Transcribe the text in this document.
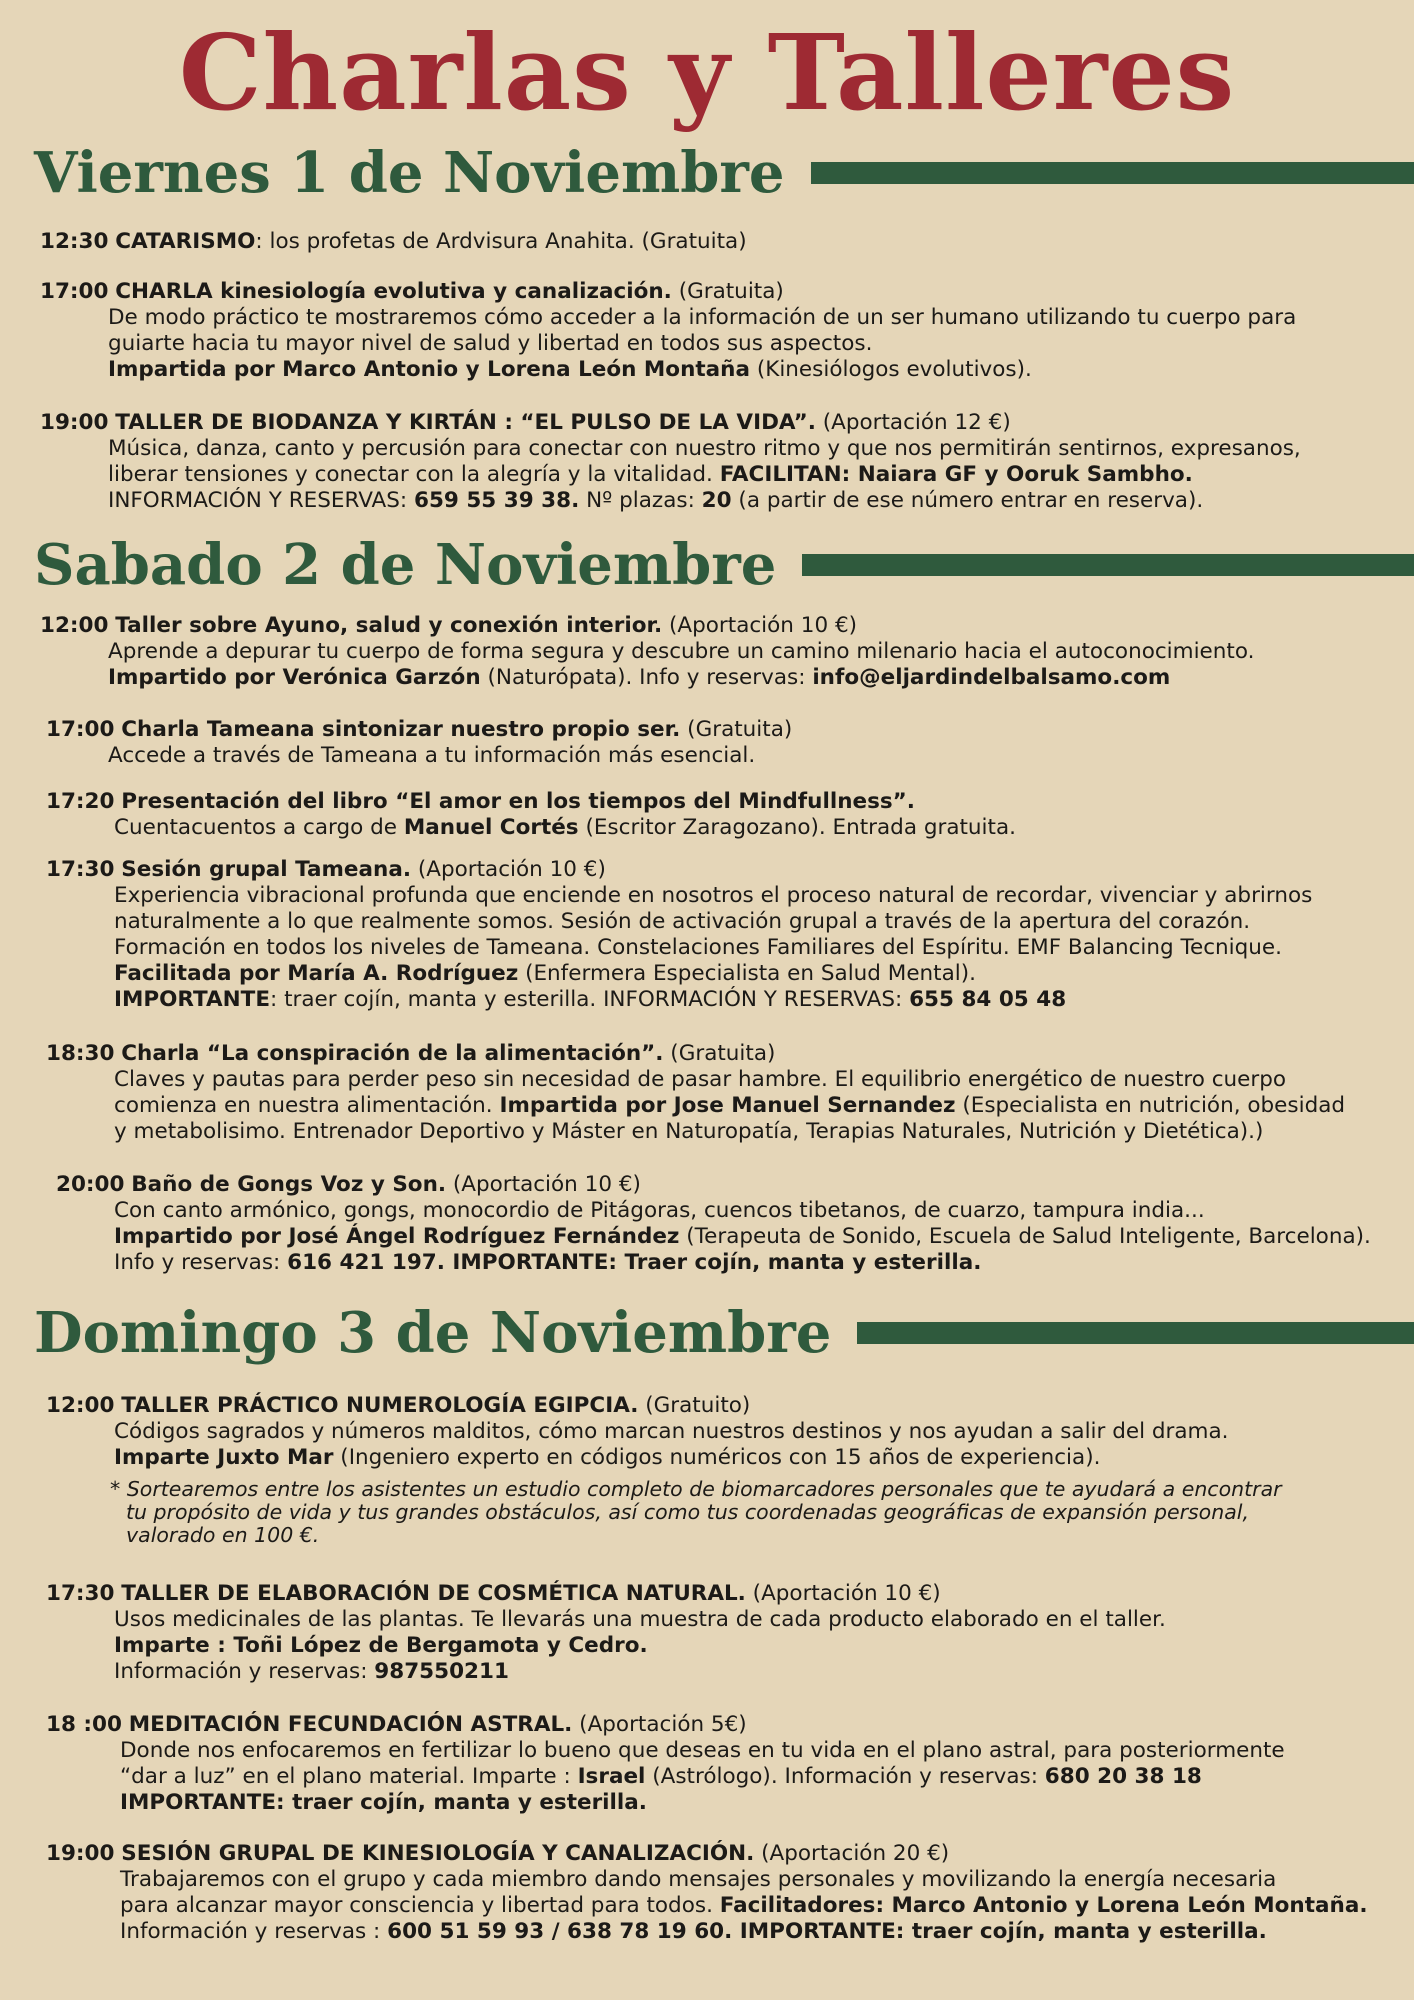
Charlas y Talleres
Viernes 1 de Noviembre
12:30 CATARISMO: los profetas de Ardvisura Anahita. (Gratuita)
17:00 CHARLA kinesiología evolutiva y canalización. (Gratuita)
De modo práctico te mostraremos cómo acceder a la información de un ser humano utilizando tu cuerpo para
guiarte hacia tu mayor nivel de salud y libertad en todos sus aspectos.
Impartida por Marco Antonio y Lorena León Montaña (Kinesiólogos evolutivos).
19:00 TALLER DE BIODANZA Y KIRTÁN : “EL PULSO DE LA VIDA”. (Aportación 12 €)
Música, danza, canto y percusión para conectar con nuestro ritmo y que nos permitirán sentirnos, expresanos,
liberar tensiones y conectar con la alegría y la vitalidad. FACILITAN: Naiara GF y Ooruk Sambho.
INFORMACIÓN Y RESERVAS: 659 55 39 38. Nº plazas: 20 (a partir de ese número entrar en reserva).
Sabado 2 de Noviembre
12:00 Taller sobre Ayuno, salud y conexión interior. (Aportación 10 €)
Aprende a depurar tu cuerpo de forma segura y descubre un camino milenario hacia el autoconocimiento.
Impartido por Verónica Garzón (Naturópata). Info y reservas: info@eljardindelbalsamo.com
17:00 Charla Tameana sintonizar nuestro propio ser. (Gratuita)
Accede a través de Tameana a tu información más esencial.
17:20 Presentación del libro “El amor en los tiempos del Mindfullness”.
Cuentacuentos a cargo de Manuel Cortés (Escritor Zaragozano). Entrada gratuita.
17:30 Sesión grupal Tameana. (Aportación 10 €)
Experiencia vibracional profunda que enciende en nosotros el proceso natural de recordar, vivenciar y abrirnos
naturalmente a lo que realmente somos. Sesión de activación grupal a través de la apertura del corazón.
Formación en todos los niveles de Tameana. Constelaciones Familiares del Espíritu. EMF Balancing Tecnique.
Facilitada por María A. Rodríguez (Enfermera Especialista en Salud Mental).
IMPORTANTE: traer cojín, manta y esterilla. INFORMACIÓN Y RESERVAS: 655 84 05 48
18:30 Charla “La conspiración de la alimentación”. (Gratuita)
Claves y pautas para perder peso sin necesidad de pasar hambre. El equilibrio energético de nuestro cuerpo
comienza en nuestra alimentación. Impartida por Jose Manuel Sernandez (Especialista en nutrición, obesidad
y metabolisimo. Entrenador Deportivo y Máster en Naturopatía, Terapias Naturales, Nutrición y Dietética).)
20:00 Baño de Gongs Voz y Son. (Aportación 10 €)
Con canto armónico, gongs, monocordio de Pitágoras, cuencos tibetanos, de cuarzo, tampura india...
Impartido por José Ángel Rodríguez Fernández (Terapeuta de Sonido, Escuela de Salud Inteligente, Barcelona).
Info y reservas: 616 421 197. IMPORTANTE: Traer cojín, manta y esterilla.
Domingo 3 de Noviembre
12:00 TALLER PRÁCTICO NUMEROLOGÍA EGIPCIA. (Gratuito)
Códigos sagrados y números malditos, cómo marcan nuestros destinos y nos ayudan a salir del drama.
Imparte Juxto Mar (Ingeniero experto en códigos numéricos con 15 años de experiencia).
* Sortearemos entre los asistentes un estudio completo de biomarcadores personales que te ayudará a encontrar
tu propósito de vida y tus grandes obstáculos, así como tus coordenadas geográficas de expansión personal,
valorado en 100 €.
17:30 TALLER DE ELABORACIÓN DE COSMÉTICA NATURAL. (Aportación 10 €)
Usos medicinales de las plantas. Te llevarás una muestra de cada producto elaborado en el taller.
Imparte : Toñi López de Bergamota y Cedro.
Información y reservas: 987550211
18 :00 MEDITACIÓN FECUNDACIÓN ASTRAL. (Aportación 5€)
Donde nos enfocaremos en fertilizar lo bueno que deseas en tu vida en el plano astral, para posteriormente
“dar a luz” en el plano material. Imparte : Israel (Astrólogo). Información y reservas: 680 20 38 18
IMPORTANTE: traer cojín, manta y esterilla.
19:00 SESIÓN GRUPAL DE KINESIOLOGÍA Y CANALIZACIÓN. (Aportación 20 €)
Trabajaremos con el grupo y cada miembro dando mensajes personales y movilizando la energía necesaria
para alcanzar mayor consciencia y libertad para todos. Facilitadores: Marco Antonio y Lorena León Montaña.
Información y reservas : 600 51 59 93 / 638 78 19 60. IMPORTANTE: traer cojín, manta y esterilla.
